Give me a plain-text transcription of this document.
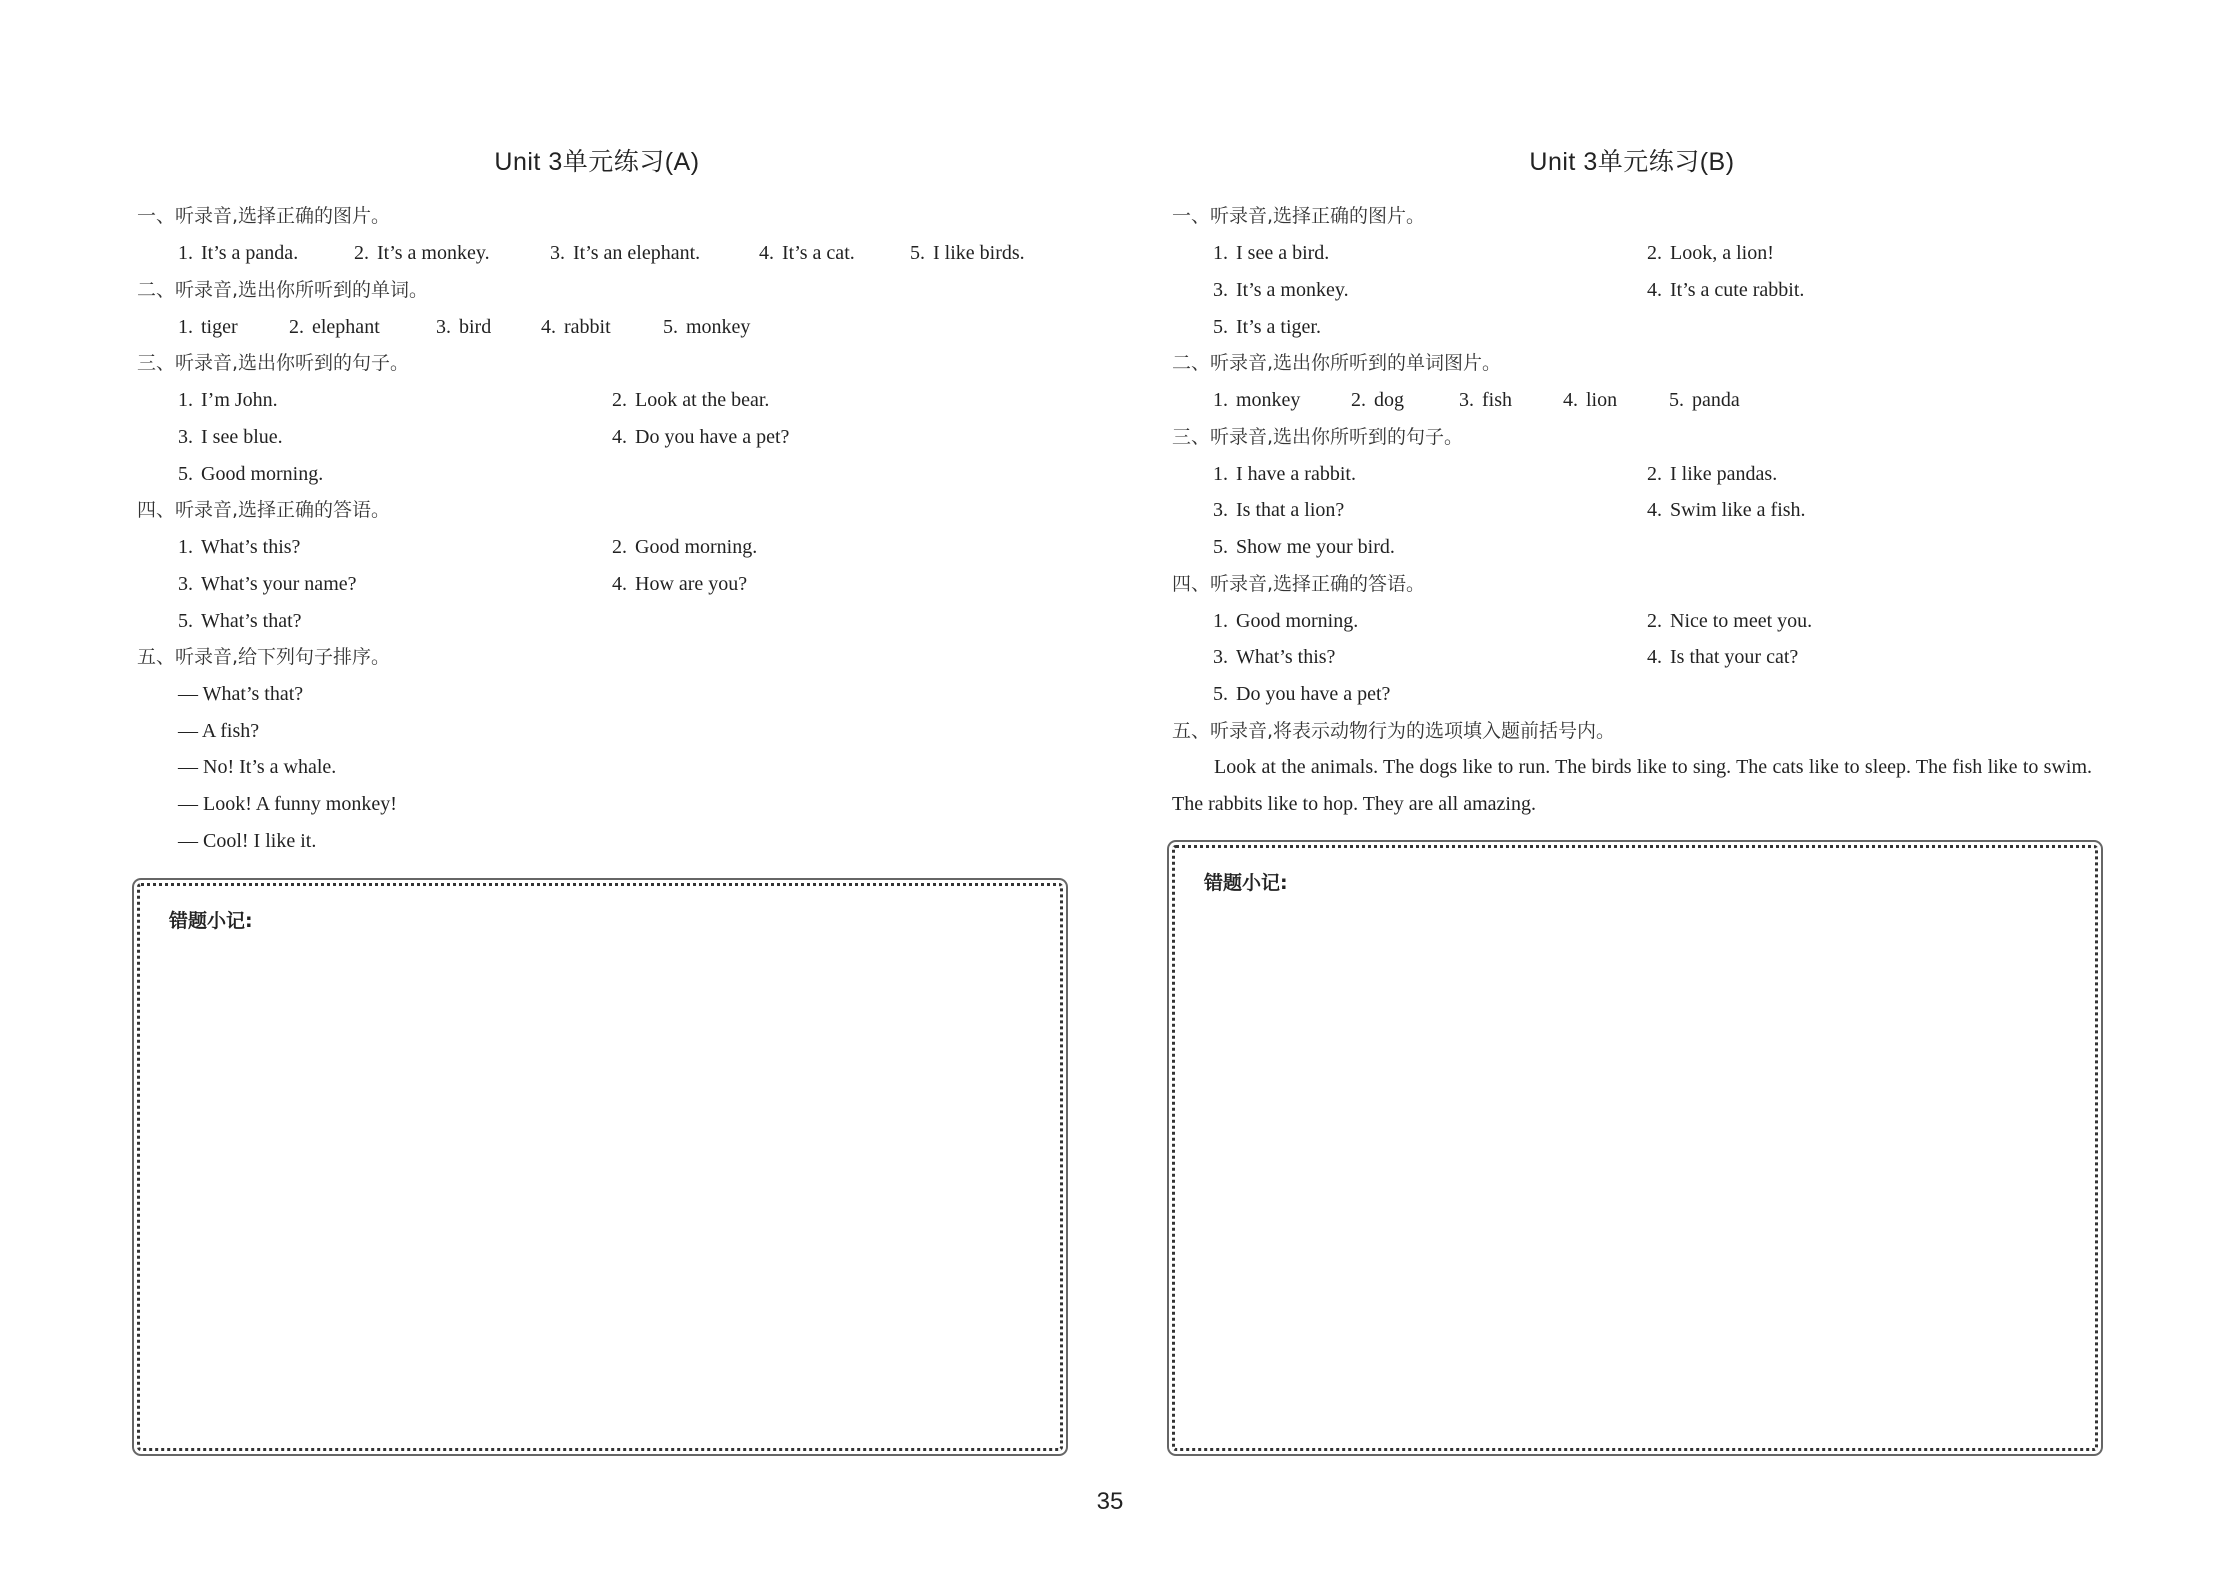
Unit 3单元练习(A)
一、听录音,选择正确的图片。
1. It’s a panda.	2. It’s a monkey.	3. It’s an elephant.	4. It’s a cat.	5. I like birds.
二、听录音,选出你所听到的单词。
1. tiger	2. elephant	3. bird 4. rabbit	5. monkey
三、听录音,选出你听到的句子。
1. I’m John.	2. Look at the bear.
3. I see blue.	4. Do you have a pet?
5. Good morning.
四、听录音,选择正确的答语。
1. What’s this?	2. Good morning.
3. What’s your name?	4. How are you?
5. What’s that?
五、听录音,给下列句子排序。
— What’s that?
— A fish?
— No! It’s a whale.
— Look! A funny monkey!
— Cool! I like it.
错题小记:
Unit 3单元练习(B)
一、听录音,选择正确的图片。
1. I see a bird.	2. Look, a lion!
3. It’s a monkey.	4. It’s a cute rabbit.
5. It’s a tiger.
二、听录音,选出你所听到的单词图片。
1. monkey	2. dog	3. fish	4. lion	5. panda
三、听录音,选出你所听到的句子。
1. I have a rabbit.	2. I like pandas.
3. Is that a lion?	4. Swim like a fish.
5. Show me your bird.
四、听录音,选择正确的答语。
1. Good morning.	2. Nice to meet you.
3. What’s this?	4. Is that your cat?
5. Do you have a pet?
五、听录音,将表示动物行为的选项填入题前括号内。
Look at the animals. The dogs like to run. The birds like to sing. The cats like to sleep. The fish like to swim. The rabbits like to hop. They are all amazing.
错题小记:
35
